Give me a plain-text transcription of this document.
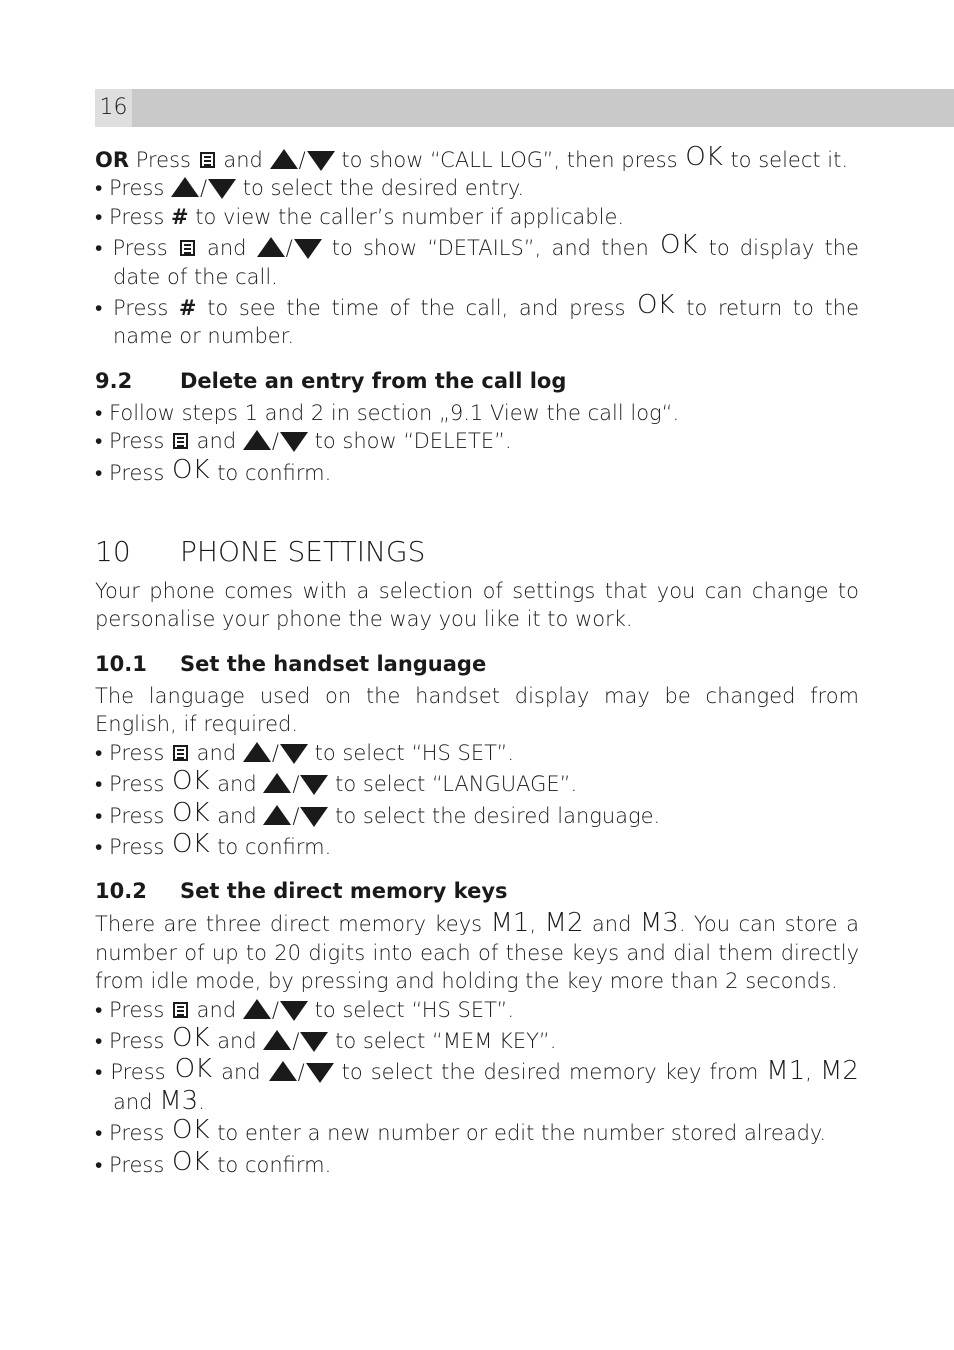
16

OR Press and / to show “CALL LOG”, then press OK to select it.

• Press / to select the desired entry.

• Press # to view the caller’s number if applicable.

• Press and / to show “DETAILS”, and then OK to display the date of the call.

• Press # to see the time of the call, and press OK to return to the name or number.

9.2	Delete an entry from the call log

• Follow steps 1 and 2 in section „9.1 View the call log“.

• Press and / to show “DELETE”.

• Press OK to confirm.

10	PHONE SETTINGS

Your phone comes with a selection of settings that you can change to personalise your phone the way you like it to work.

10.1	Set the handset language

The language used on the handset display may be changed from English, if required.

• Press and / to select “HS SET”.

• Press OK and / to select “LANGUAGE”.

• Press OK and / to select the desired language.

• Press OK to confirm.

10.2	Set the direct memory keys

There are three direct memory keys M1, M2 and M3. You can store a number of up to 20 digits into each of these keys and dial them directly from idle mode, by pressing and holding the key more than 2 seconds.

• Press and / to select “HS SET”.

• Press OK and / to select “MEM KEY”.

• Press OK and / to select the desired memory key from M1, M2 and M3.

• Press OK to enter a new number or edit the number stored already.

• Press OK to confirm.
